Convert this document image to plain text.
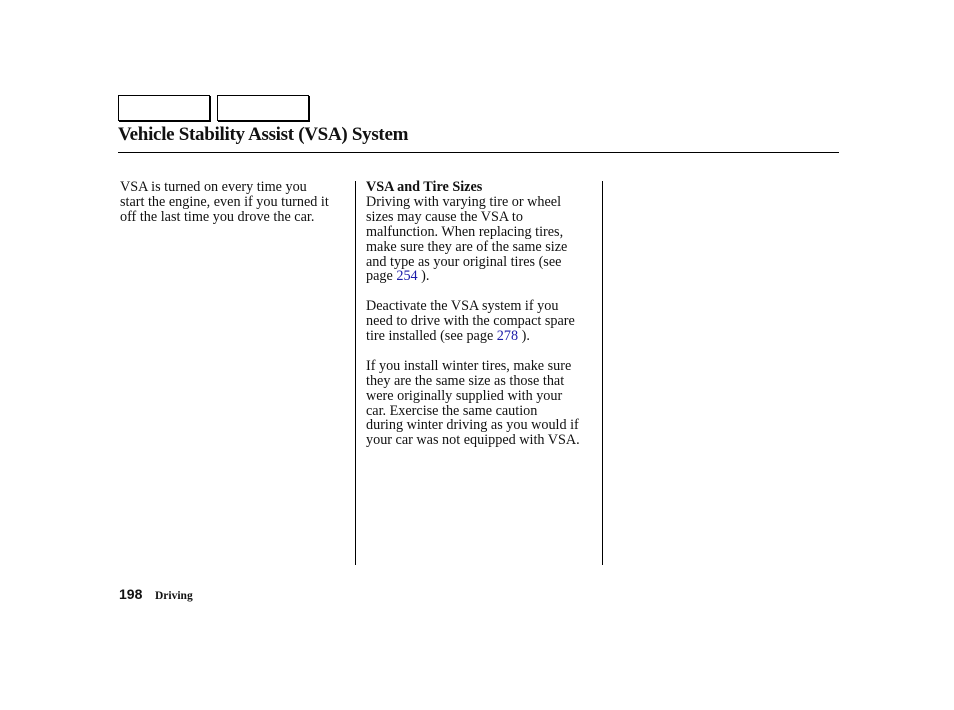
Vehicle Stability Assist (VSA) System

VSA is turned on every time you
start the engine, even if you turned it
off the last time you drove the car.

VSA and Tire Sizes

Driving with varying tire or wheel
sizes may cause the VSA to
malfunction. When replacing tires,
make sure they are of the same size
and type as your original tires (see
page 254 ).

Deactivate the VSA system if you
need to drive with the compact spare
tire installed (see page 278 ).

If you install winter tires, make sure
they are the same size as those that
were originally supplied with your
car. Exercise the same caution
during winter driving as you would if
your car was not equipped with VSA.

198 Driving
